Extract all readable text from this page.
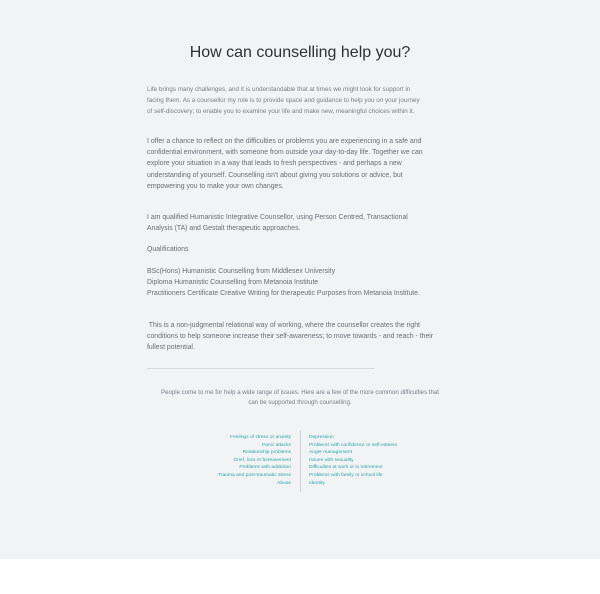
How can counselling help you?
Life brings many challenges, and it is understandable that at times we might look for support in
facing them. As a counsellor my role is to provide space and guidance to help you on your journey
of self-discovery; to enable you to examine your life and make new, meaningful choices within it.
I offer a chance to reflect on the difficulties or problems you are experiencing in a safe and
confidential environment, with someone from outside your day-to-day life. Together we can
explore your situation in a way that leads to fresh perspectives - and perhaps a new
understanding of yourself. Counselling isn't about giving you solutions or advice, but
empowering you to make your own changes.
I am qualified Humanistic Integrative Counsellor, using Person Centred, Transactional
Analysis (TA) and Gestalt therapeutic approaches.
Qualifications
BSc(Hons) Humanistic Counselling from Middlesex University
Diploma Humanistic Counselling from Metanoia Institute
Practitioners Certificate Creative Writing for therapeutic Purposes from Metanoia Institute.
This is a non-judgmental relational way of working, where the counsellor creates the right
conditions to help someone increase their self-awareness; to move towards - and reach - their
fullest potential.
People come to me for help a wide range of issues. Here are a few of the more common difficulties that
can be supported through counselling.
Feelings of stress or anxiety
Panic attacks
Relationship problems
Grief, loss or bereavement
Problems with addiction
Trauma and post-traumatic stress
Abuse
Depression
Problems with confidence or self-esteem
Anger management
Issues with sexuality
Difficulties at work or in retirement
Problems with family or school life
Identity
